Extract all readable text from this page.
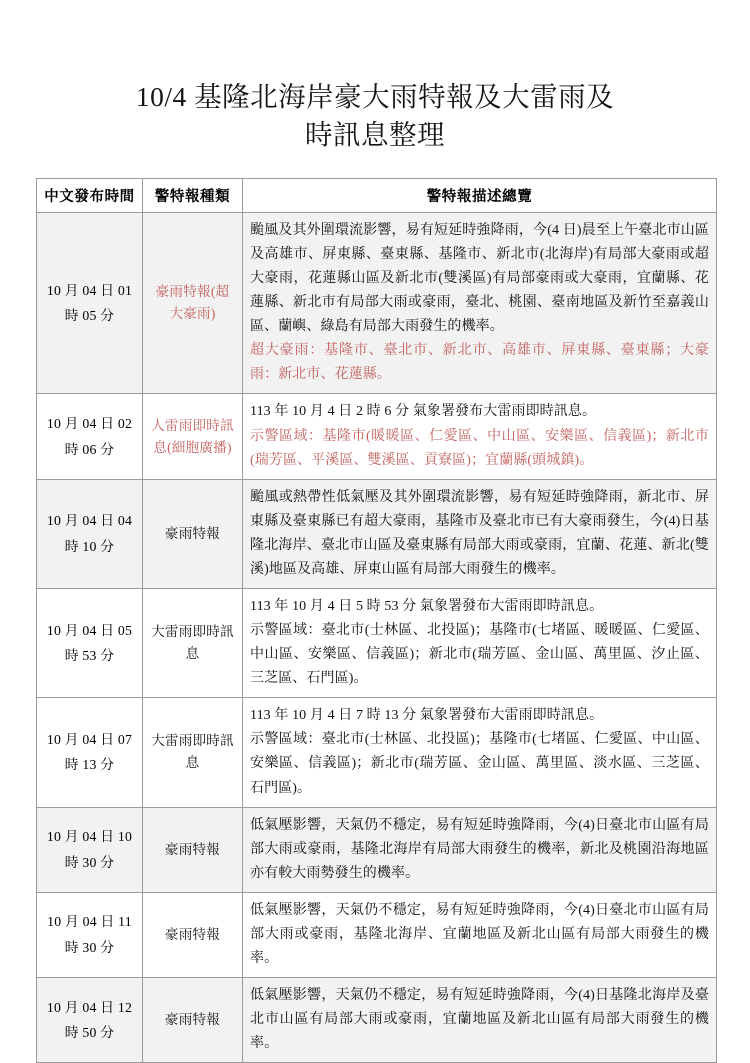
10/4 基隆北海岸豪大雨特報及大雷雨及
時訊息整理
中文發布時間	警特報種類	警特報描述總覽
10 月 04 日 01 時 05 分	豪雨特報(超大豪雨)	颱風及其外圍環流影響，易有短延時強降雨，今(4 日)晨至上午臺北市山區及高雄市、屏東縣、臺東縣、基隆市、新北市(北海岸)有局部大豪雨或超大豪雨，花蓮縣山區及新北市(雙溪區)有局部豪雨或大豪雨，宜蘭縣、花蓮縣、新北市有局部大雨或豪雨，臺北、桃園、臺南地區及新竹至嘉義山區、蘭嶼、綠島有局部大雨發生的機率。

超大豪雨：基隆市、臺北市、新北市、高雄市、屏東縣、臺東縣；大豪雨：新北市、花蓮縣。

10 月 04 日 02 時 06 分	人雷雨即時訊息(細胞廣播)	113 年 10 月 4 日 2 時 6 分 氣象署發布大雷雨即時訊息。

示警區域：基隆市(暖暖區、仁愛區、中山區、安樂區、信義區)；新北市(瑞芳區、平溪區、雙溪區、貢寮區)；宜蘭縣(頭城鎮)。

10 月 04 日 04 時 10 分	豪雨特報	颱風或熱帶性低氣壓及其外圍環流影響，易有短延時強降雨，新北市、屏東縣及臺東縣已有超大豪雨，基隆市及臺北市已有大豪雨發生，今(4)日基隆北海岸、臺北市山區及臺東縣有局部大雨或豪雨，宜蘭、花蓮、新北(雙溪)地區及高雄、屏東山區有局部大雨發生的機率。

10 月 04 日 05 時 53 分	大雷雨即時訊息	113 年 10 月 4 日 5 時 53 分 氣象署發布大雷雨即時訊息。

示警區域：臺北市(士林區、北投區)；基隆市(七堵區、暖暖區、仁愛區、中山區、安樂區、信義區)；新北市(瑞芳區、金山區、萬里區、汐止區、三芝區、石門區)。

10 月 04 日 07 時 13 分	大雷雨即時訊息	113 年 10 月 4 日 7 時 13 分 氣象署發布大雷雨即時訊息。

示警區域：臺北市(士林區、北投區)；基隆市(七堵區、仁愛區、中山區、安樂區、信義區)；新北市(瑞芳區、金山區、萬里區、淡水區、三芝區、石門區)。

10 月 04 日 10 時 30 分	豪雨特報	低氣壓影響，天氣仍不穩定，易有短延時強降雨，今(4)日臺北市山區有局部大雨或豪雨，基隆北海岸有局部大雨發生的機率，新北及桃園沿海地區亦有較大雨勢發生的機率。

10 月 04 日 11 時 30 分	豪雨特報	低氣壓影響，天氣仍不穩定，易有短延時強降雨，今(4)日臺北市山區有局部大雨或豪雨，基隆北海岸、宜蘭地區及新北山區有局部大雨發生的機率。

10 月 04 日 12 時 50 分	豪雨特報	低氣壓影響，天氣仍不穩定，易有短延時強降雨，今(4)日基隆北海岸及臺北市山區有局部大雨或豪雨，宜蘭地區及新北山區有局部大雨發生的機率。
